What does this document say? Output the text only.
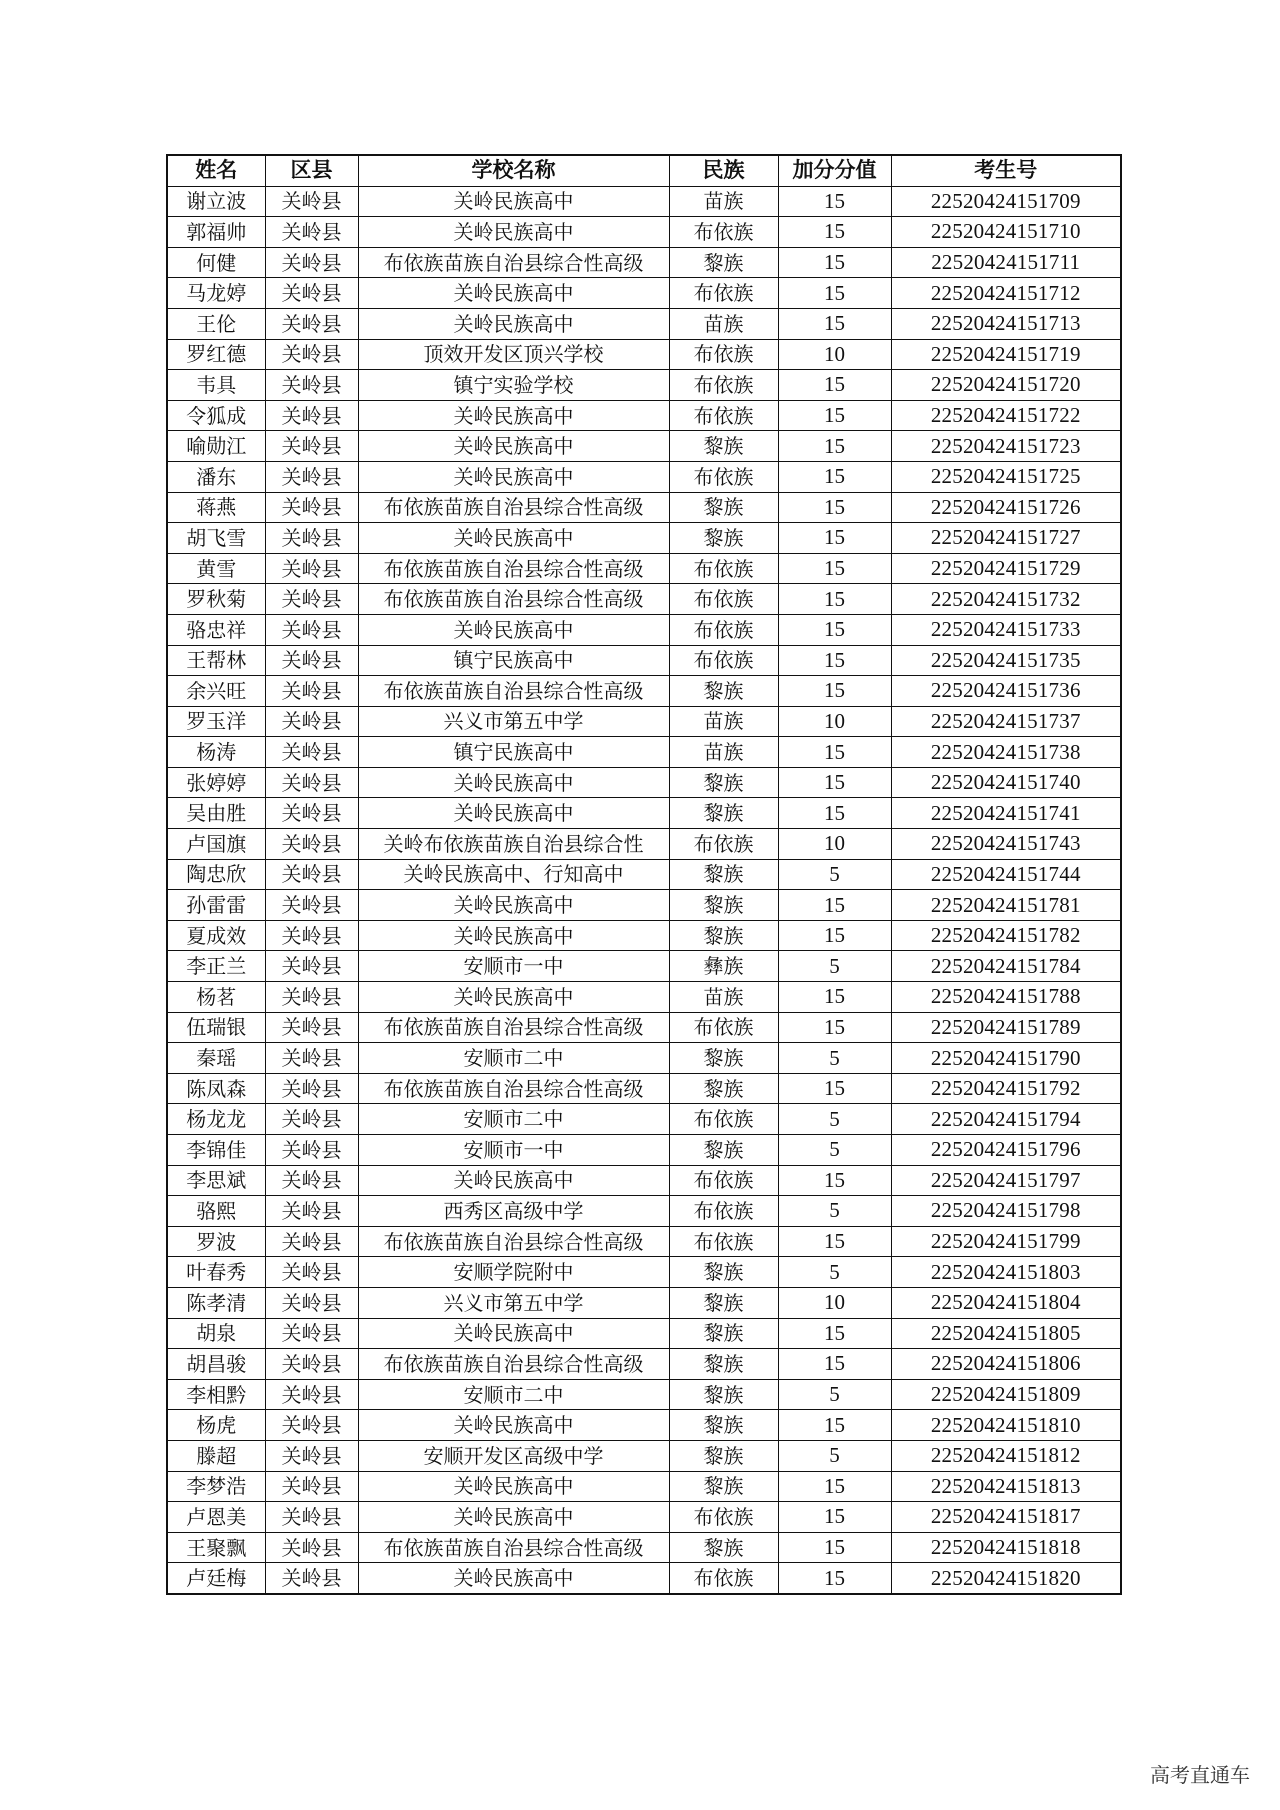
姓名	区县	学校名称	民族	加分分值	考生号
谢立波	关岭县	关岭民族高中	苗族	15	22520424151709
郭福帅	关岭县	关岭民族高中	布依族	15	22520424151710
何健	关岭县	布依族苗族自治县综合性高级	黎族	15	22520424151711
马龙婷	关岭县	关岭民族高中	布依族	15	22520424151712
王伦	关岭县	关岭民族高中	苗族	15	22520424151713
罗红德	关岭县	顶效开发区顶兴学校	布依族	10	22520424151719
韦具	关岭县	镇宁实验学校	布依族	15	22520424151720
令狐成	关岭县	关岭民族高中	布依族	15	22520424151722
喻勋江	关岭县	关岭民族高中	黎族	15	22520424151723
潘东	关岭县	关岭民族高中	布依族	15	22520424151725
蒋燕	关岭县	布依族苗族自治县综合性高级	黎族	15	22520424151726
胡飞雪	关岭县	关岭民族高中	黎族	15	22520424151727
黄雪	关岭县	布依族苗族自治县综合性高级	布依族	15	22520424151729
罗秋菊	关岭县	布依族苗族自治县综合性高级	布依族	15	22520424151732
骆忠祥	关岭县	关岭民族高中	布依族	15	22520424151733
王帮林	关岭县	镇宁民族高中	布依族	15	22520424151735
余兴旺	关岭县	布依族苗族自治县综合性高级	黎族	15	22520424151736
罗玉洋	关岭县	兴义市第五中学	苗族	10	22520424151737
杨涛	关岭县	镇宁民族高中	苗族	15	22520424151738
张婷婷	关岭县	关岭民族高中	黎族	15	22520424151740
吴由胜	关岭县	关岭民族高中	黎族	15	22520424151741
卢国旗	关岭县	关岭布依族苗族自治县综合性	布依族	10	22520424151743
陶忠欣	关岭县	关岭民族高中、行知高中	黎族	5	22520424151744
孙雷雷	关岭县	关岭民族高中	黎族	15	22520424151781
夏成效	关岭县	关岭民族高中	黎族	15	22520424151782
李正兰	关岭县	安顺市一中	彝族	5	22520424151784
杨茗	关岭县	关岭民族高中	苗族	15	22520424151788
伍瑞银	关岭县	布依族苗族自治县综合性高级	布依族	15	22520424151789
秦瑶	关岭县	安顺市二中	黎族	5	22520424151790
陈凤森	关岭县	布依族苗族自治县综合性高级	黎族	15	22520424151792
杨龙龙	关岭县	安顺市二中	布依族	5	22520424151794
李锦佳	关岭县	安顺市一中	黎族	5	22520424151796
李思斌	关岭县	关岭民族高中	布依族	15	22520424151797
骆熙	关岭县	西秀区高级中学	布依族	5	22520424151798
罗波	关岭县	布依族苗族自治县综合性高级	布依族	15	22520424151799
叶春秀	关岭县	安顺学院附中	黎族	5	22520424151803
陈孝清	关岭县	兴义市第五中学	黎族	10	22520424151804
胡泉	关岭县	关岭民族高中	黎族	15	22520424151805
胡昌骏	关岭县	布依族苗族自治县综合性高级	黎族	15	22520424151806
李相黔	关岭县	安顺市二中	黎族	5	22520424151809
杨虎	关岭县	关岭民族高中	黎族	15	22520424151810
滕超	关岭县	安顺开发区高级中学	黎族	5	22520424151812
李梦浩	关岭县	关岭民族高中	黎族	15	22520424151813
卢恩美	关岭县	关岭民族高中	布依族	15	22520424151817
王聚飘	关岭县	布依族苗族自治县综合性高级	黎族	15	22520424151818
卢廷梅	关岭县	关岭民族高中	布依族	15	22520424151820
高考直通车
